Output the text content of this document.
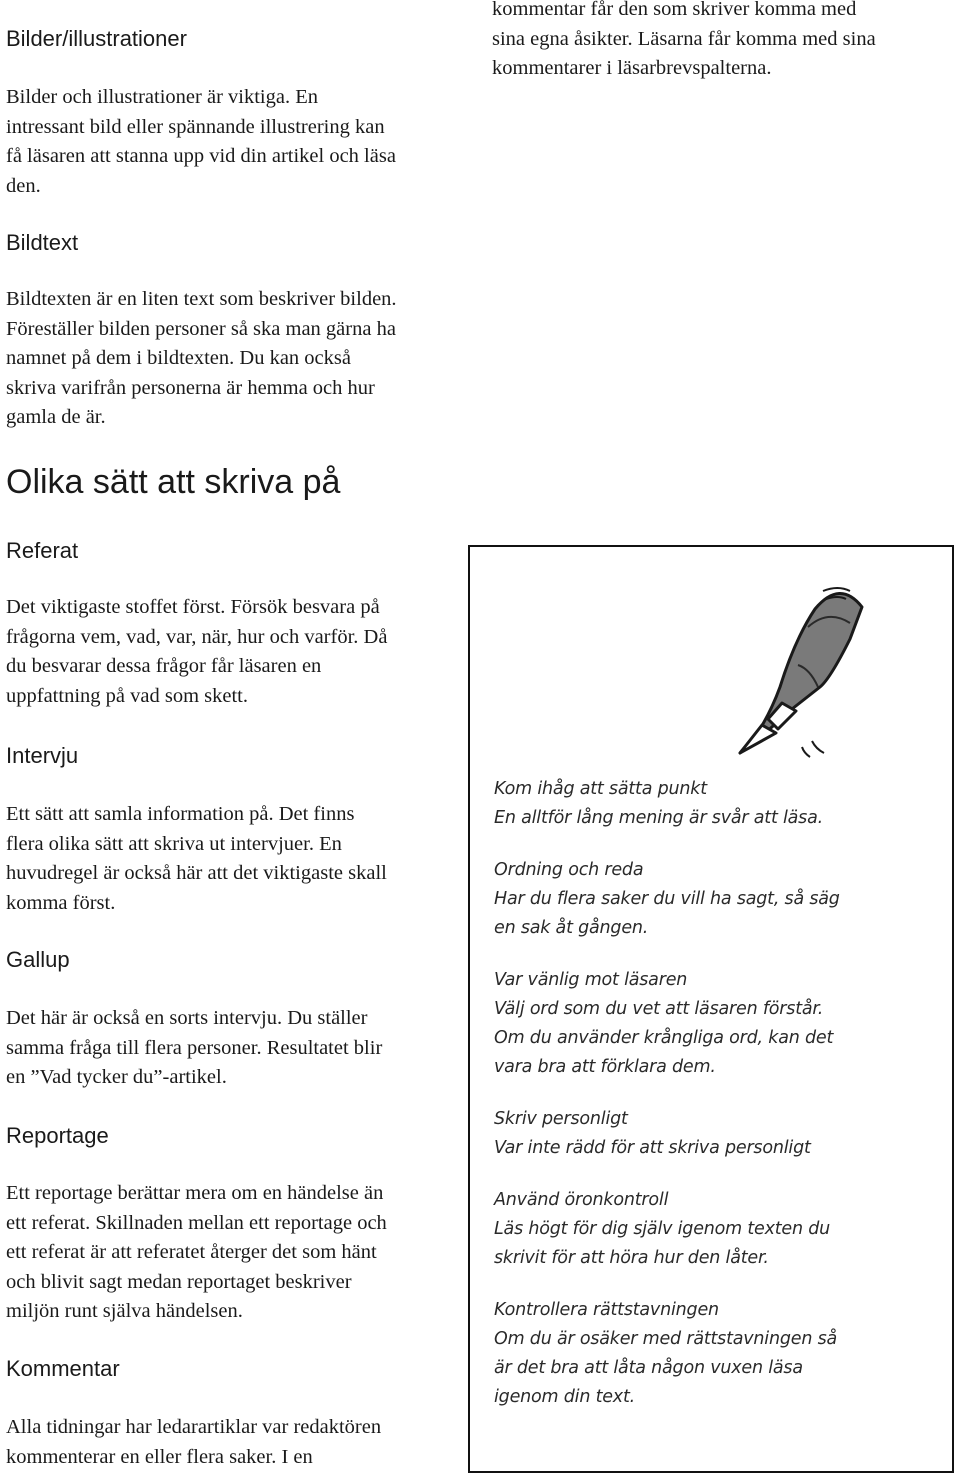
Bilder/illustrationer

Bilder och illustrationer är viktiga. En
intressant bild eller spännande illustrering kan
få läsaren att stanna upp vid din artikel och läsa
den.

Bildtext

Bildtexten är en liten text som beskriver bilden.
Föreställer bilden personer så ska man gärna ha
namnet på dem i bildtexten. Du kan också
skriva varifrån personerna är hemma och hur
gamla de är.

Olika sätt att skriva på
Referat

Det viktigaste stoffet först. Försök besvara på
frågorna vem, vad, var, när, hur och varför. Då
du besvarar dessa frågor får läsaren en
uppfattning på vad som skett.

Intervju

Ett sätt att samla information på. Det finns
flera olika sätt att skriva ut intervjuer. En
huvudregel är också här att det viktigaste skall
komma först.

Gallup

Det här är också en sorts intervju. Du ställer
samma fråga till flera personer. Resultatet blir
en ”Vad tycker du”-artikel.

Reportage

Ett reportage berättar mera om en händelse än
ett referat. Skillnaden mellan ett reportage och
ett referat är att referatet återger det som hänt
och blivit sagt medan reportaget beskriver
miljön runt själva händelsen.

Kommentar

Alla tidningar har ledarartiklar var redaktören
kommenterar en eller flera saker. I en

kommentar får den som skriver komma med
sina egna åsikter. Läsarna får komma med sina
kommentarer i läsarbrevspalterna.

Kom ihåg att sätta punkt
En alltför lång mening är svår att läsa.
Ordning och reda
Har du flera saker du vill ha sagt, så säg
en sak åt gången.
Var vänlig mot läsaren
Välj ord som du vet att läsaren förstår.
Om du använder krångliga ord, kan det
vara bra att förklara dem.
Skriv personligt
Var inte rädd för att skriva personligt
Använd öronkontroll
Läs högt för dig själv igenom texten du
skrivit för att höra hur den låter.
Kontrollera rättstavningen
Om du är osäker med rättstavningen så
är det bra att låta någon vuxen läsa
igenom din text.
